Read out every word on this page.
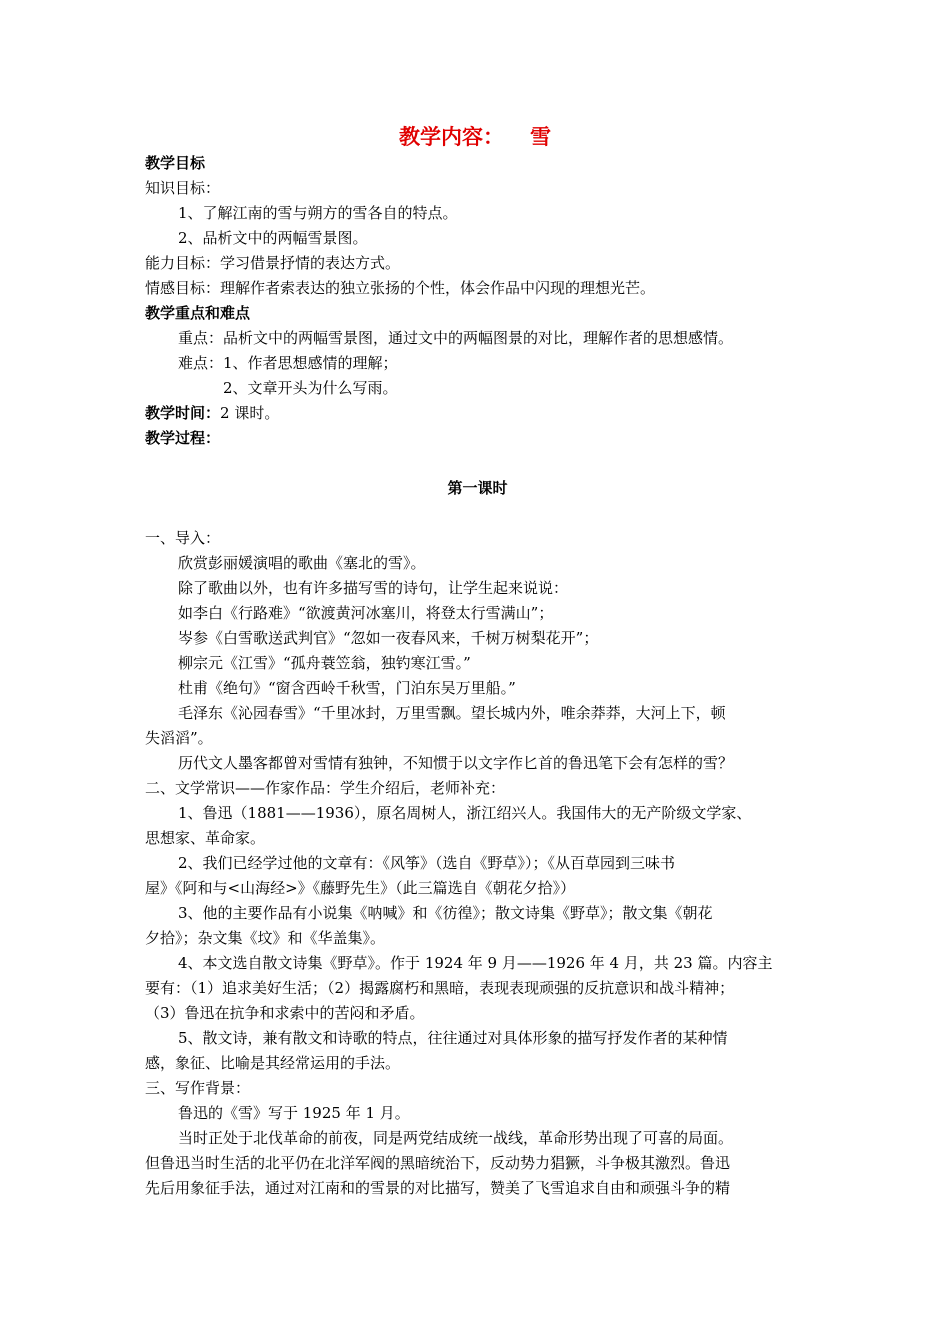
教学内容： 雪
教学目标
知识目标：
1、了解江南的雪与朔方的雪各自的特点。
2、品析文中的两幅雪景图。
能力目标：学习借景抒情的表达方式。
情感目标：理解作者索表达的独立张扬的个性，体会作品中闪现的理想光芒。
教学重点和难点
重点：品析文中的两幅雪景图，通过文中的两幅图景的对比，理解作者的思想感情。
难点：1、作者思想感情的理解；
2、文章开头为什么写雨。
教学时间：2 课时。
教学过程：
第一课时
一、导入：
欣赏彭丽媛演唱的歌曲《塞北的雪》。
除了歌曲以外，也有许多描写雪的诗句，让学生起来说说：
如李白《行路难》“欲渡黄河冰塞川，将登太行雪满山”；
岑参《白雪歌送武判官》“忽如一夜春风来，千树万树梨花开”；
柳宗元《江雪》“孤舟蓑笠翁，独钓寒江雪。”
杜甫《绝句》“窗含西岭千秋雪，门泊东吴万里船。”
毛泽东《沁园春雪》“千里冰封，万里雪飘。望长城内外，唯余莽莽，大河上下，顿
失滔滔”。
历代文人墨客都曾对雪情有独钟，不知惯于以文字作匕首的鲁迅笔下会有怎样的雪？
二、文学常识——作家作品：学生介绍后，老师补充：
1、鲁迅（1881——1936），原名周树人，浙江绍兴人。我国伟大的无产阶级文学家、
思想家、革命家。
2、我们已经学过他的文章有：《风筝》（选自《野草》）；《从百草园到三味书
屋》《阿和与<山海经>》《藤野先生》（此三篇选自《朝花夕拾》）
3、他的主要作品有小说集《呐喊》和《彷徨》；散文诗集《野草》；散文集《朝花
夕拾》；杂文集《坟》和《华盖集》。
4、本文选自散文诗集《野草》。作于 1924 年 9 月——1926 年 4 月，共 23 篇。内容主
要有：（1）追求美好生活；（2）揭露腐朽和黑暗，表现表现顽强的反抗意识和战斗精神；
（3）鲁迅在抗争和求索中的苦闷和矛盾。
5、散文诗，兼有散文和诗歌的特点，往往通过对具体形象的描写抒发作者的某种情
感，象征、比喻是其经常运用的手法。
三、写作背景：
鲁迅的《雪》写于 1925 年 1 月。
当时正处于北伐革命的前夜，同是两党结成统一战线，革命形势出现了可喜的局面。
但鲁迅当时生活的北平仍在北洋军阀的黑暗统治下，反动势力猖獗，斗争极其激烈。鲁迅
先后用象征手法，通过对江南和的雪景的对比描写，赞美了飞雪追求自由和顽强斗争的精
